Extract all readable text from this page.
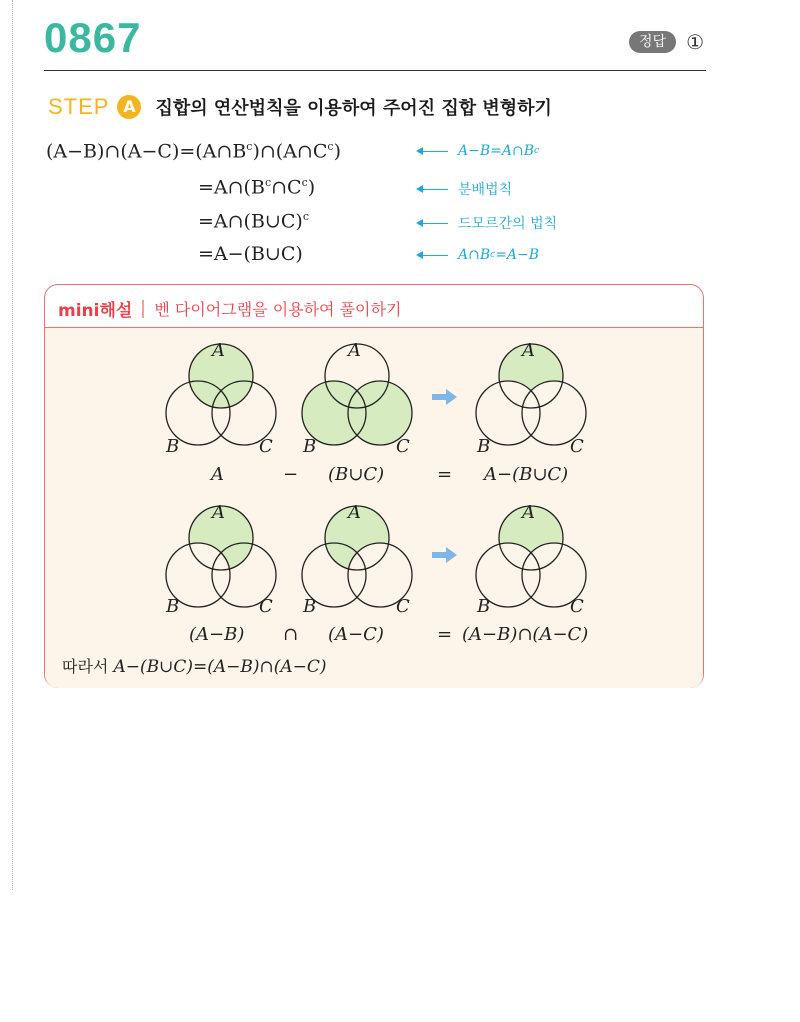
0867	정답	①
STEP A	집합의 연산법칙을 이용하여 주어진 집합 변형하기
$(A-B)\cap(A-C)=(A\cap B^c)\cap(A\cap C^c)$	A−B=A∩B c
$=A\cap(B^c\cap C^c)$	분배법칙
=A∩(B∪C)$^c$	드모르간의 법칙
=A−(B∪C)	A∩B c =A−B
mini해설 벤 다이어그램을 이용하여 풀이하기
A
B	C
A
B	C
A
B	C
A
B	C
A
B	C
A
B	C
A	− (B∪C)	= A−(B∪C)
(A−B) ∩ (A−C)	= (A−B)∩(A−C)
따라서 A−(B∪C)=(A−B)∩(A−C)
